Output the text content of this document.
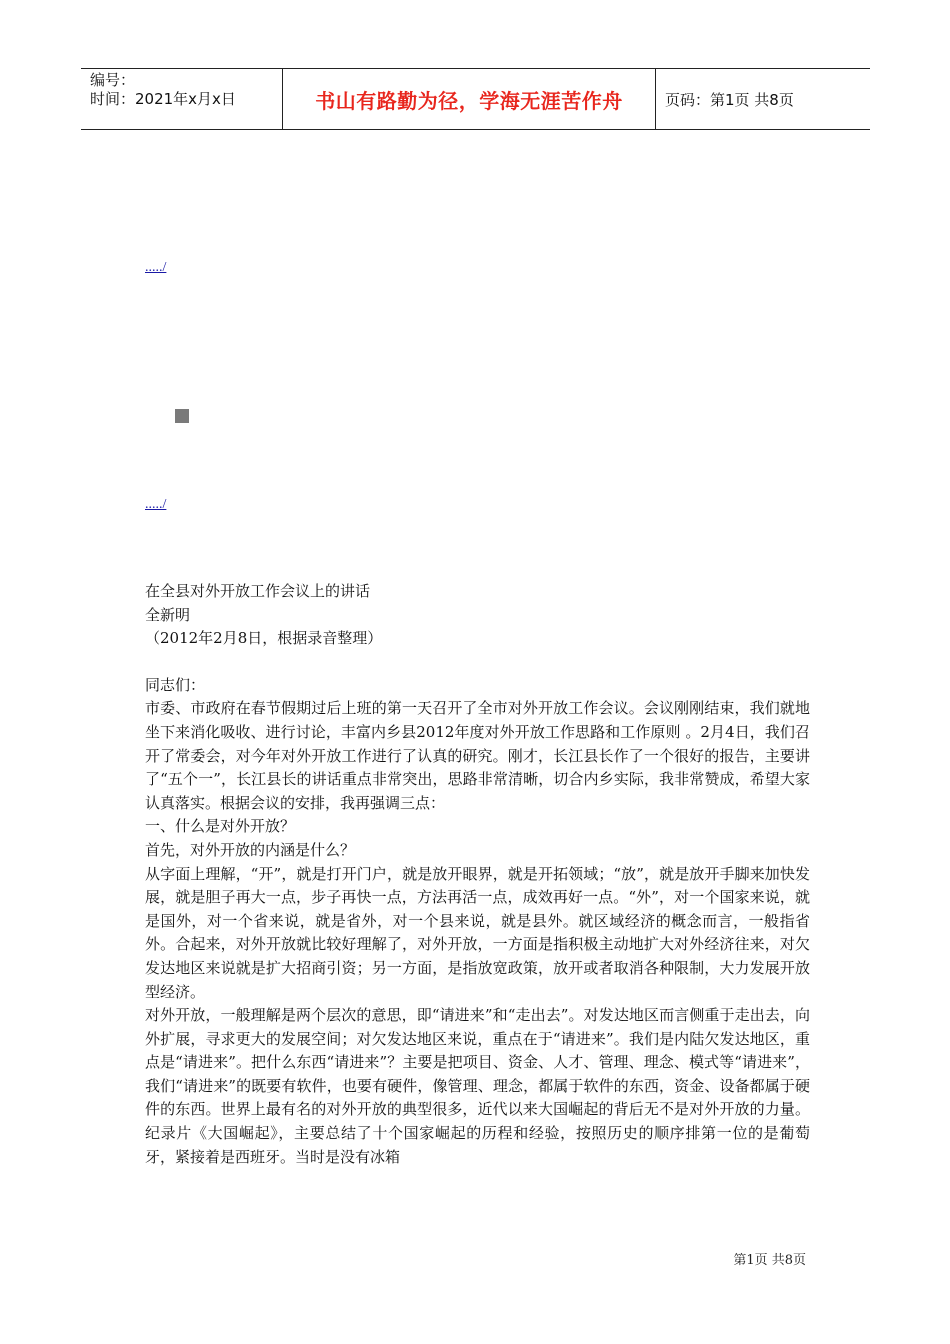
编号：
时间：2021年x月x日	书山有路勤为径，学海无涯苦作舟	页码：第1页 共8页
...../
...../

在全县对外开放工作会议上的讲话

全新明

（2012年2月8日，根据录音整理）

同志们：

市委、市政府在春节假期过后上班的第一天召开了全市对外开放工作会议。会议刚刚结束，我们就地坐下来消化吸收、进行讨论，丰富内乡县2012年度对外开放工作思路和工作原则 。2月4日，我们召开了常委会，对今年对外开放工作进行了认真的研究。刚才，长江县长作了一个很好的报告，主要讲了“五个一”，长江县长的讲话重点非常突出，思路非常清晰，切合内乡实际，我非常赞成，希望大家认真落实。根据会议的安排，我再强调三点：

一、什么是对外开放？

首先，对外开放的内涵是什么？

从字面上理解，“开”，就是打开门户，就是放开眼界，就是开拓领域；“放”，就是放开手脚来加快发展，就是胆子再大一点，步子再快一点，方法再活一点，成效再好一点。“外”，对一个国家来说，就是国外，对一个省来说，就是省外，对一个县来说，就是县外。就区域经济的概念而言，一般指省外。合起来，对外开放就比较好理解了，对外开放，一方面是指积极主动地扩大对外经济往来，对欠发达地区来说就是扩大招商引资；另一方面，是指放宽政策，放开或者取消各种限制，大力发展开放型经济。

对外开放，一般理解是两个层次的意思，即“请进来”和“走出去”。对发达地区而言侧重于走出去，向外扩展，寻求更大的发展空间；对欠发达地区来说，重点在于“请进来”。我们是内陆欠发达地区，重点是“请进来”。把什么东西“请进来”？主要是把项目、资金、人才、管理、理念、模式等“请进来”，我们“请进来”的既要有软件，也要有硬件，像管理、理念，都属于软件的东西，资金、设备都属于硬件的东西。世界上最有名的对外开放的典型很多，近代以来大国崛起的背后无不是对外开放的力量。纪录片《大国崛起》，主要总结了十个国家崛起的历程和经验，按照历史的顺序排第一位的是葡萄牙，紧接着是西班牙。当时是没有冰箱

第1页 共8页
